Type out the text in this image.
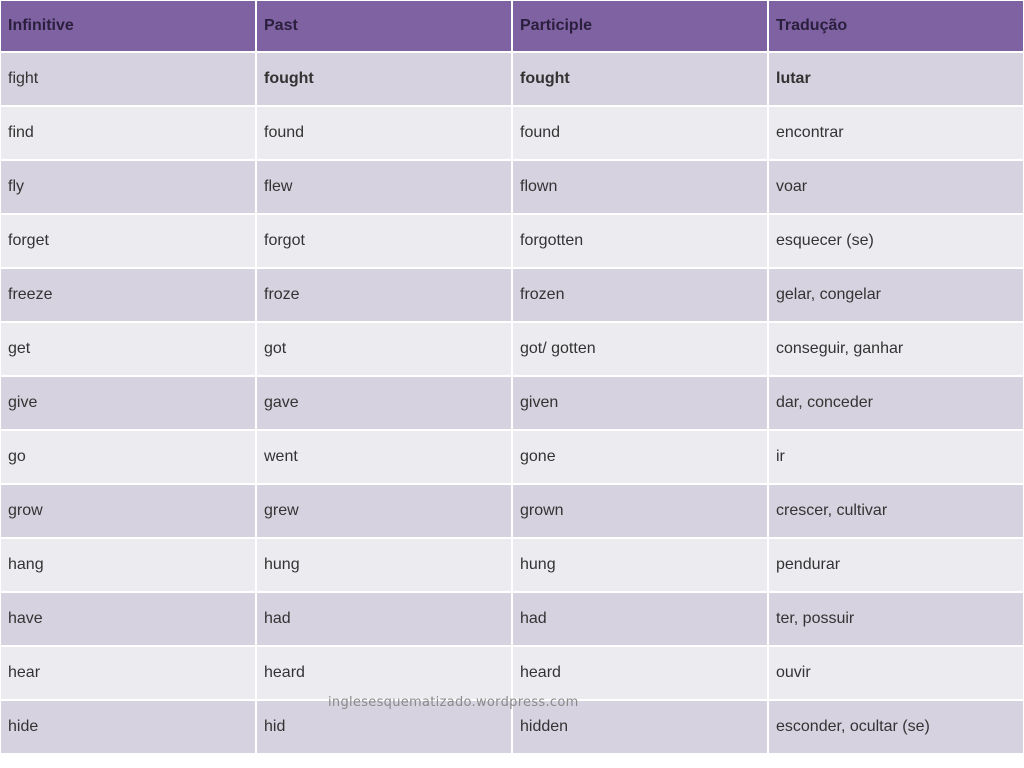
Infinitive	Past	Participle	Tradução
fight	fought	fought	lutar
find	found	found	encontrar
fly	flew	flown	voar
forget	forgot	forgotten	esquecer (se)
freeze	froze	frozen	gelar, congelar
get	got	got/ gotten	conseguir, ganhar
give	gave	given	dar, conceder
go	went	gone	ir
grow	grew	grown	crescer, cultivar
hang	hung	hung	pendurar
have	had	had	ter, possuir
hear	heard	heard	ouvir
hide	hid	hidden	esconder, ocultar (se)
inglesesquematizado.wordpress.com
